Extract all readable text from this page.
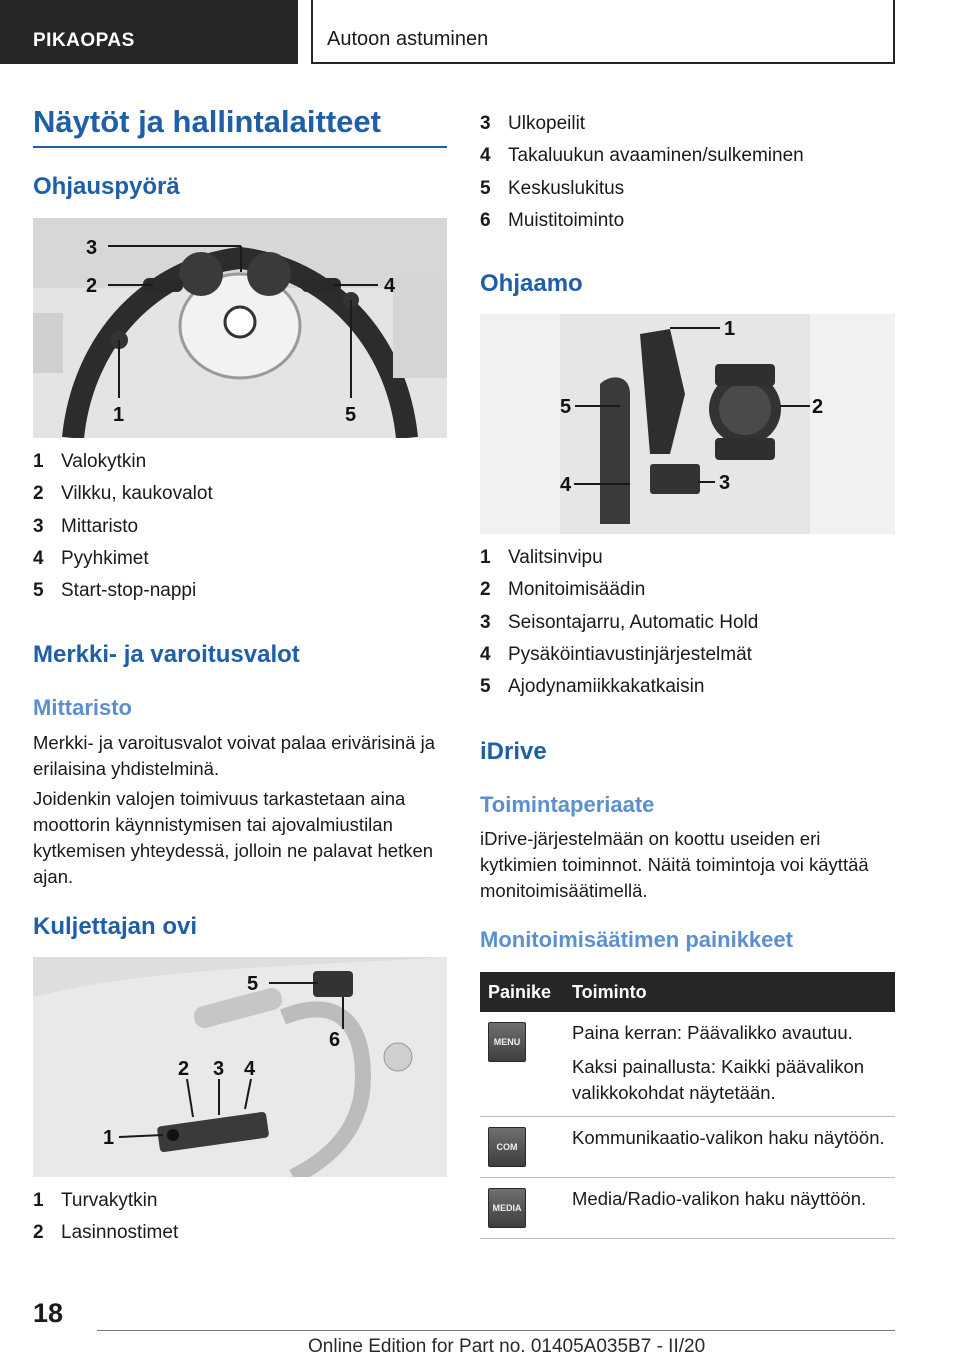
PIKAOPAS	Autoon astuminen
Näytöt ja hallintalaitteet
Ohjauspyörä
1
2
3
4
5
1 Valokytkin
2 Vilkku, kaukovalot
3 Mittaristo
4 Pyyhkimet
5 Start-stop-nappi
Merkki- ja varoitusvalot
Mittaristo
Merkki- ja varoitusvalot voivat palaa erivärisinä ja erilaisina yhdistelminä.
Joidenkin valojen toimivuus tarkastetaan aina moottorin käynnistymisen tai ajovalmiustilan kytkemisen yhteydessä, jolloin ne palavat hetken ajan.
Kuljettajan ovi
1
2 3 4
5
6
1 Turvakytkin
2 Lasinnostimet
3 Ulkopeilit
4 Takaluukun avaaminen/sulkeminen
5 Keskuslukitus
6 Muistitoiminto
Ohjaamo
1
2
3
4
5
1 Valitsinvipu
2 Monitoimisäädin
3 Seisontajarru, Automatic Hold
4 Pysäköintiavustinjärjestelmät
5 Ajodynamiikkakatkaisin
iDrive
Toimintaperiaate
iDrive-järjestelmään on koottu useiden eri kytkimien toiminnot. Näitä toimintoja voi käyttää monitoimisäätimellä.
Monitoimisäätimen painikkeet
Painike	Toiminto

MENU	Paina kerran: Päävalikko avautuu.

Kaksi painallusta: Kaikki päävalikon valikkokohdat näytetään.

COM	Kommunikaatio-valikon haku näytöön.

MEDIA	Media/Radio-valikon haku näyttöön.

18
Online Edition for Part no. 01405A035B7 - II/20
